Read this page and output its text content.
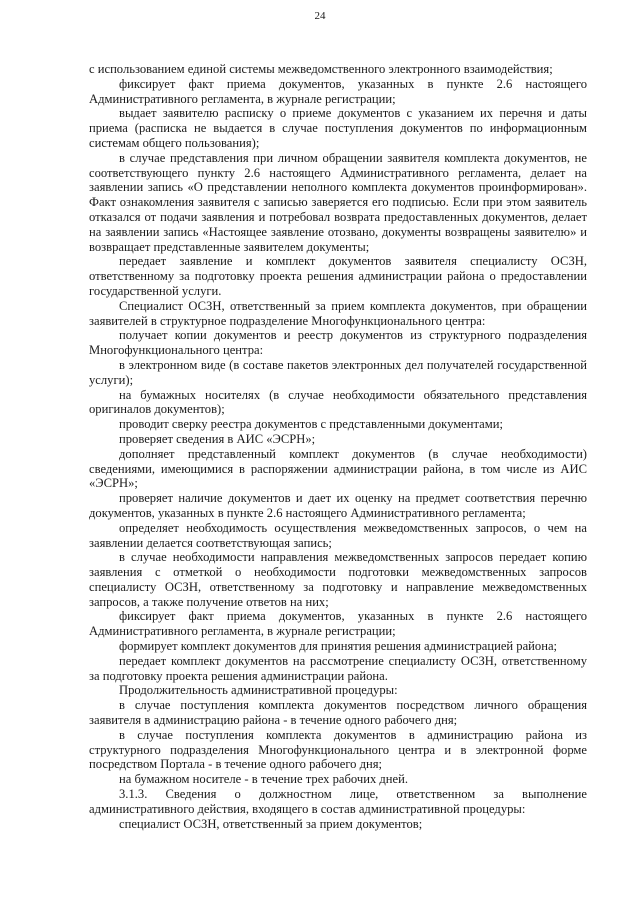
24

с использованием единой системы межведомственного электронного взаимодействия;

фиксирует факт приема документов, указанных в пункте 2.6 настоящего Административного регламента, в журнале регистрации;

выдает заявителю расписку о приеме документов с указанием их перечня и даты приема (расписка не выдается в случае поступления документов по информационным системам общего пользования);

в случае представления при личном обращении заявителя комплекта документов, не соответствующего пункту 2.6 настоящего Административного регламента, делает на заявлении запись «О представлении неполного комплекта документов проинформирован». Факт ознакомления заявителя с записью заверяется его подписью. Если при этом заявитель отказался от подачи заявления и потребовал возврата предоставленных документов, делает на заявлении запись «Настоящее заявление отозвано, документы возвращены заявителю» и возвращает представленные заявителем документы;

передает заявление и комплект документов заявителя специалисту ОСЗН, ответственному за подготовку проекта решения администрации района о предоставлении государственной услуги.

Специалист ОСЗН, ответственный за прием комплекта документов, при обращении заявителей в структурное подразделение Многофункционального центра:

получает копии документов и реестр документов из структурного подразделения Многофункционального центра:

в электронном виде (в составе пакетов электронных дел получателей государственной услуги);

на бумажных носителях (в случае необходимости обязательного представления оригиналов документов);

проводит сверку реестра документов с представленными документами;

проверяет сведения в АИС «ЭСРН»;

дополняет представленный комплект документов (в случае необходимости) сведениями, имеющимися в распоряжении администрации района, в том числе из АИС «ЭСРН»;

проверяет наличие документов и дает их оценку на предмет соответствия перечню документов, указанных в пункте 2.6 настоящего Административного регламента;

определяет необходимость осуществления межведомственных запросов, о чем на заявлении делается соответствующая запись;

в случае необходимости направления межведомственных запросов передает копию заявления с отметкой о необходимости подготовки межведомственных запросов специалисту ОСЗН, ответственному за подготовку и направление межведомственных запросов, а также получение ответов на них;

фиксирует факт приема документов, указанных в пункте 2.6 настоящего Административного регламента, в журнале регистрации;

формирует комплект документов для принятия решения администрацией района;

передает комплект документов на рассмотрение специалисту ОСЗН, ответственному за подготовку проекта решения администрации района.

Продолжительность административной процедуры:

в случае поступления комплекта документов посредством личного обращения заявителя в администрацию района - в течение одного рабочего дня;

в случае поступления комплекта документов в администрацию района из структурного подразделения Многофункционального центра и в электронной форме посредством Портала - в течение одного рабочего дня;

на бумажном носителе - в течение трех рабочих дней.

3.1.3. Сведения о должностном лице, ответственном за выполнение административного действия, входящего в состав административной процедуры:

специалист ОСЗН, ответственный за прием документов;
